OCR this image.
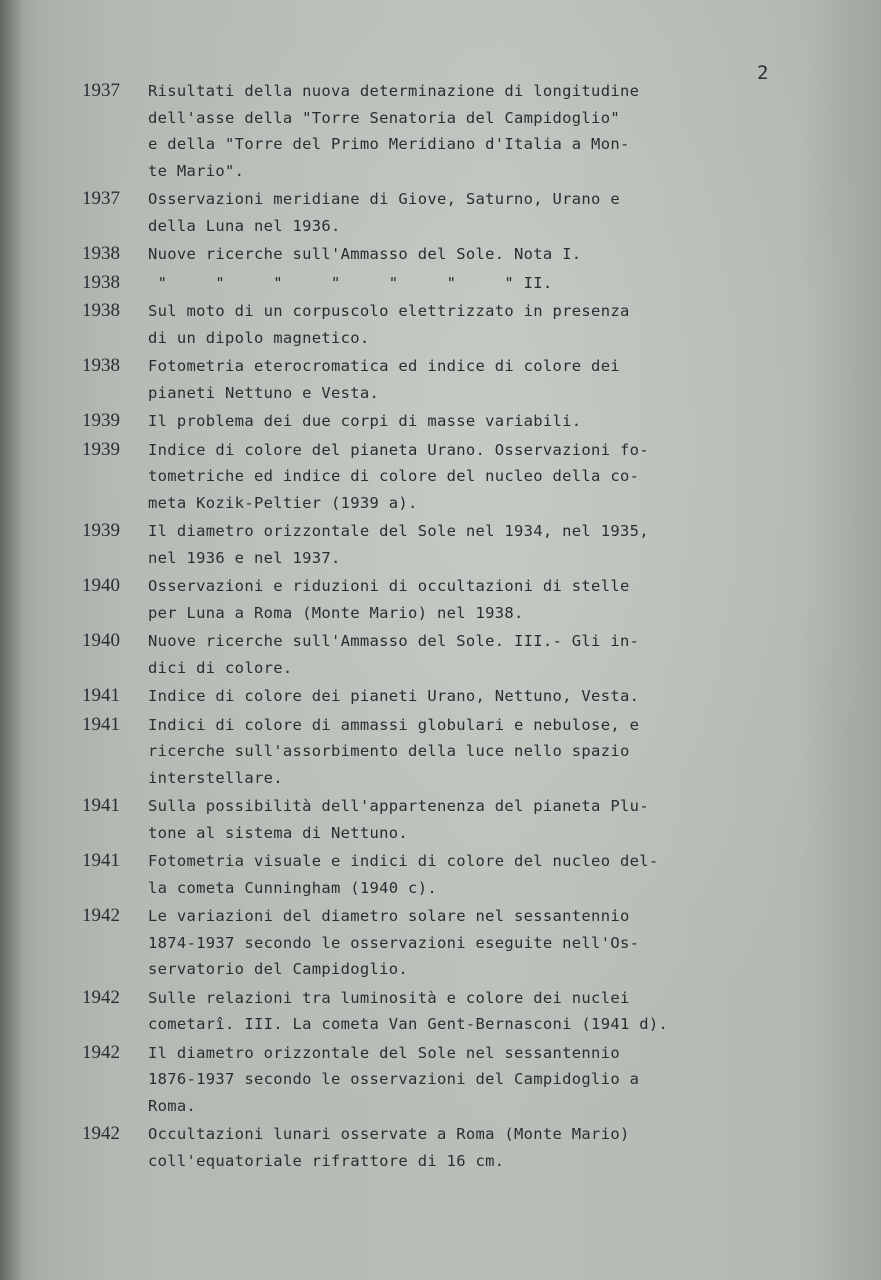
2
1937	Risultati della nuova determinazione di longitudine
dell'asse della "Torre Senatoria del Campidoglio"
e della "Torre del Primo Meridiano d'Italia a Mon-
te Mario".
1937	Osservazioni meridiane di Giove, Saturno, Urano e
della Luna nel 1936.
1938	Nuove ricerche sull'Ammasso del Sole. Nota I.
1938	"     "     "     "     "     "     " II.
1938	Sul moto di un corpuscolo elettrizzato in presenza
di un dipolo magnetico.
1938	Fotometria eterocromatica ed indice di colore dei
pianeti Nettuno e Vesta.
1939	Il problema dei due corpi di masse variabili.
1939	Indice di colore del pianeta Urano. Osservazioni fo-
tometriche ed indice di colore del nucleo della co-
meta Kozik-Peltier (1939 a).
1939	Il diametro orizzontale del Sole nel 1934, nel 1935,
nel 1936 e nel 1937.
1940	Osservazioni e riduzioni di occultazioni di stelle
per Luna a Roma (Monte Mario) nel 1938.
1940	Nuove ricerche sull'Ammasso del Sole. III.- Gli in-
dici di colore.
1941	Indice di colore dei pianeti Urano, Nettuno, Vesta.
1941	Indici di colore di ammassi globulari e nebulose, e
ricerche sull'assorbimento della luce nello spazio
interstellare.
1941	Sulla possibilità dell'appartenenza del pianeta Plu-
tone al sistema di Nettuno.
1941	Fotometria visuale e indici di colore del nucleo del-
la cometa Cunningham (1940 c).
1942	Le variazioni del diametro solare nel sessantennio
1874-1937 secondo le osservazioni eseguite nell'Os-
servatorio del Campidoglio.
1942	Sulle relazioni tra luminosità e colore dei nuclei
cometarî. III. La cometa Van Gent-Bernasconi (1941 d).
1942	Il diametro orizzontale del Sole nel sessantennio
1876-1937 secondo le osservazioni del Campidoglio a
Roma.
1942	Occultazioni lunari osservate a Roma (Monte Mario)
coll'equatoriale rifrattore di 16 cm.
